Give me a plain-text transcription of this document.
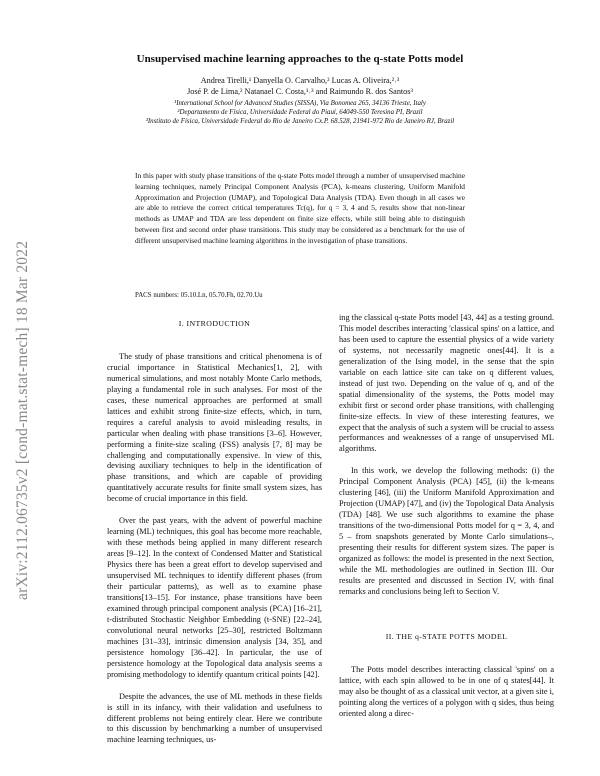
arXiv:2112.06735v2 [cond-mat.stat-mech] 18 Mar 2022
Unsupervised machine learning approaches to the q-state Potts model
Andrea Tirelli,¹ Danyella O. Carvalho,² Lucas A. Oliveira,²˒³
José P. de Lima,² Natanael C. Costa,¹˒³ and Raimundo R. dos Santos³
¹International School for Advanced Studies (SISSA), Via Bonomea 265, 34136 Trieste, Italy
²Departamento de Física, Universidade Federal do Piauí, 64049-550 Teresina PI, Brazil
³Instituto de Física, Universidade Federal do Rio de Janeiro Cx.P. 68.528, 21941-972 Rio de Janeiro RJ, Brazil
In this paper with study phase transitions of the q-state Potts model through a number of unsupervised machine learning techniques, namely Principal Component Analysis (PCA), k-means clustering, Uniform Manifold Approximation and Projection (UMAP), and Topological Data Analysis (TDA). Even though in all cases we are able to retrieve the correct critical temperatures Tc(q), for q = 3, 4 and 5, results show that non-linear methods as UMAP and TDA are less dependent on finite size effects, while still being able to distinguish between first and second order phase transitions. This study may be considered as a benchmark for the use of different unsupervised machine learning algorithms in the investigation of phase transitions.
PACS numbers: 05.10.Ln, 05.70.Fh, 02.70.Uu
I. INTRODUCTION

The study of phase transitions and critical phenomena is of crucial importance in Statistical Mechanics[1, 2], with numerical simulations, and most notably Monte Carlo methods, playing a fundamental role in such analyses. For most of the cases, these numerical approaches are performed at small lattices and exhibit strong finite-size effects, which, in turn, requires a careful analysis to avoid misleading results, in particular when dealing with phase transitions [3–6]. However, performing a finite-size scaling (FSS) analysis [7, 8] may be challenging and computationally expensive. In view of this, devising auxiliary techniques to help in the identification of phase transitions, and which are capable of providing quantitatively accurate results for finite small system sizes, has become of crucial importance in this field.

Over the past years, with the advent of powerful machine learning (ML) techniques, this goal has become more reachable, with these methods being applied in many different research areas [9–12]. In the context of Condensed Matter and Statistical Physics there has been a great effort to develop supervised and unsupervised ML techniques to identify different phases (from their particular patterns), as well as to examine phase transitions[13–15]. For instance, phase transitions have been examined through principal component analysis (PCA) [16–21], t-distributed Stochastic Neighbor Embedding (t-SNE) [22–24], convolutional neural networks [25–30], restricted Boltzmann machines [31–33], intrinsic dimension analysis [34, 35], and persistence homology [36–42]. In particular, the use of persistence homology at the Topological data analysis seems a promising methodology to identify quantum critical points [42].

Despite the advances, the use of ML methods in these fields is still in its infancy, with their validation and usefulness to different problems not being entirely clear. Here we contribute to this discussion by benchmarking a number of unsupervised machine learning techniques, us-

ing the classical q-state Potts model [43, 44] as a testing ground. This model describes interacting 'classical spins' on a lattice, and has been used to capture the essential physics of a wide variety of systems, not necessarily magnetic ones[44]. It is a generalization of the Ising model, in the sense that the spin variable on each lattice site can take on q different values, instead of just two. Depending on the value of q, and of the spatial dimensionality of the systems, the Potts model may exhibit first or second order phase transitions, with challenging finite-size effects. In view of these interesting features, we expect that the analysis of such a system will be crucial to assess performances and weaknesses of a range of unsupervised ML algorithms.

In this work, we develop the following methods: (i) the Principal Component Analysis (PCA) [45], (ii) the k-means clustering [46], (iii) the Uniform Manifold Approximation and Projection (UMAP) [47], and (iv) the Topological Data Analysis (TDA) [48]. We use such algorithms to examine the phase transitions of the two-dimensional Potts model for q = 3, 4, and 5 – from snapshots generated by Monte Carlo simulations–, presenting their results for different system sizes. The paper is organized as follows: the model is presented in the next Section, while the ML methodologies are outlined in Section III. Our results are presented and discussed in Section IV, with final remarks and conclusions being left to Section V.

II. THE q-STATE POTTS MODEL

The Potts model describes interacting classical 'spins' on a lattice, with each spin allowed to be in one of q states[44]. It may also be thought of as a classical unit vector, at a given site i, pointing along the vertices of a polygon with q sides, thus being oriented along a direc-
